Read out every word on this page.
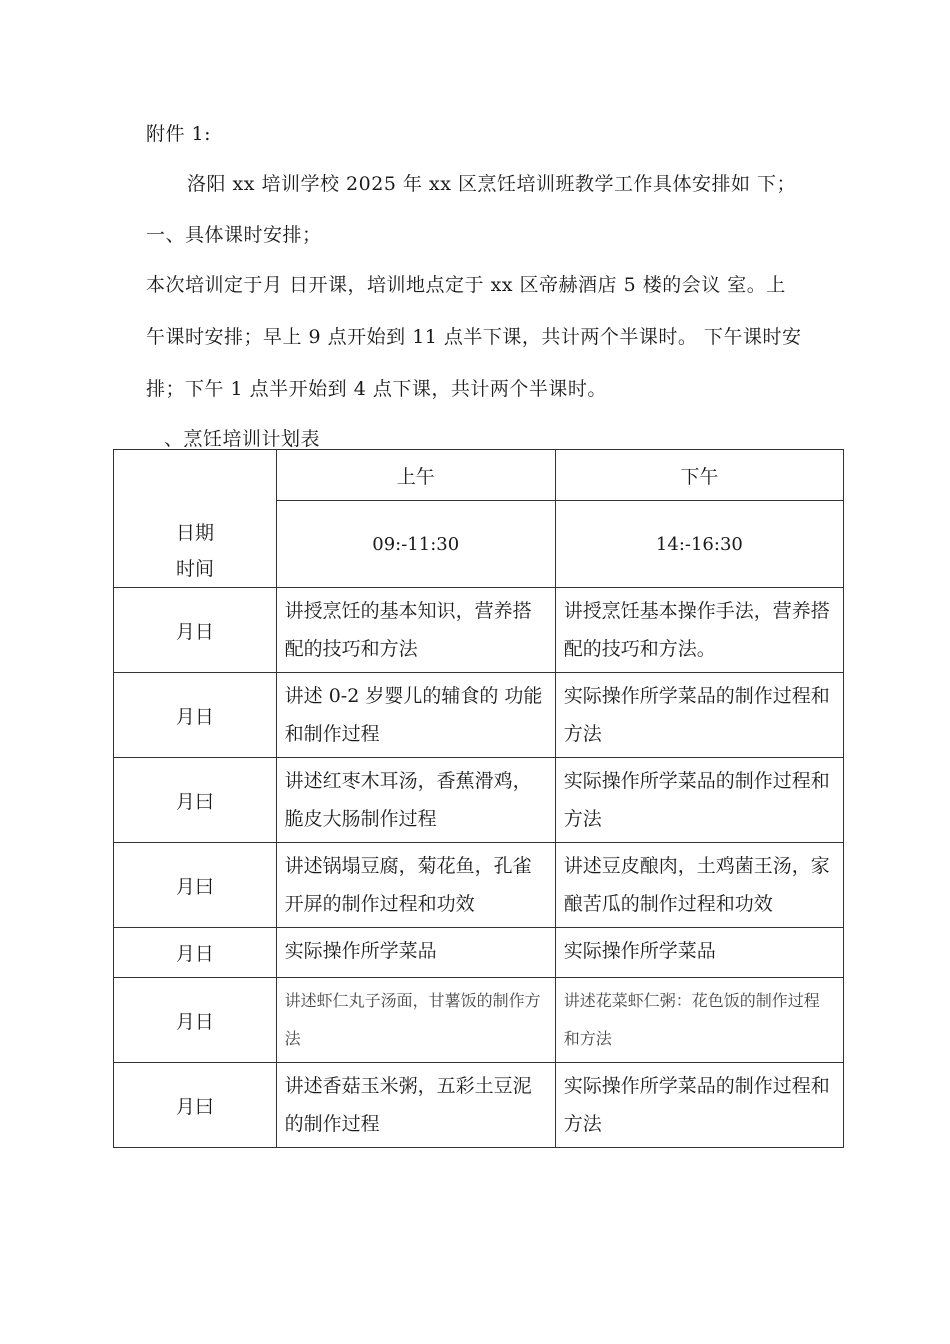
附件 1:
洛阳 xx 培训学校 2025 年 xx 区烹饪培训班教学工作具体安排如 下；
一、具体课时安排；
本次培训定于月 日开课，培训地点定于 xx 区帝赫酒店 5 楼的会议 室。上
午课时安排；早上 9 点开始到 11 点半下课，共计两个半课时。 下午课时安
排；下午 1 点半开始到 4 点下课，共计两个半课时。
、烹饪培训计划表
日期
时间	上午	下午
	09:-11:30	14:-16:30
月日	讲授烹饪的基本知识，营养搭配的技巧和方法	讲授烹饪基本操作手法，营养搭配的技巧和方法。
月日	讲述 0-2 岁婴儿的辅食的 功能和制作过程	实际操作所学菜品的制作过程和方法
月曰	讲述红枣木耳汤，香蕉滑鸡，脆皮大肠制作过程	实际操作所学菜品的制作过程和方法
月曰	讲述锅塌豆腐，菊花鱼，孔雀开屏的制作过程和功效	讲述豆皮酿肉，土鸡菌王汤，家酿苦瓜的制作过程和功效
月日	实际操作所学菜品	实际操作所学菜品
月日	讲述虾仁丸子汤面，甘薯饭的制作方法	讲述花菜虾仁粥：花色饭的制作过程和方法
月曰	讲述香菇玉米粥，五彩土豆泥的制作过程	实际操作所学菜品的制作过程和方法
